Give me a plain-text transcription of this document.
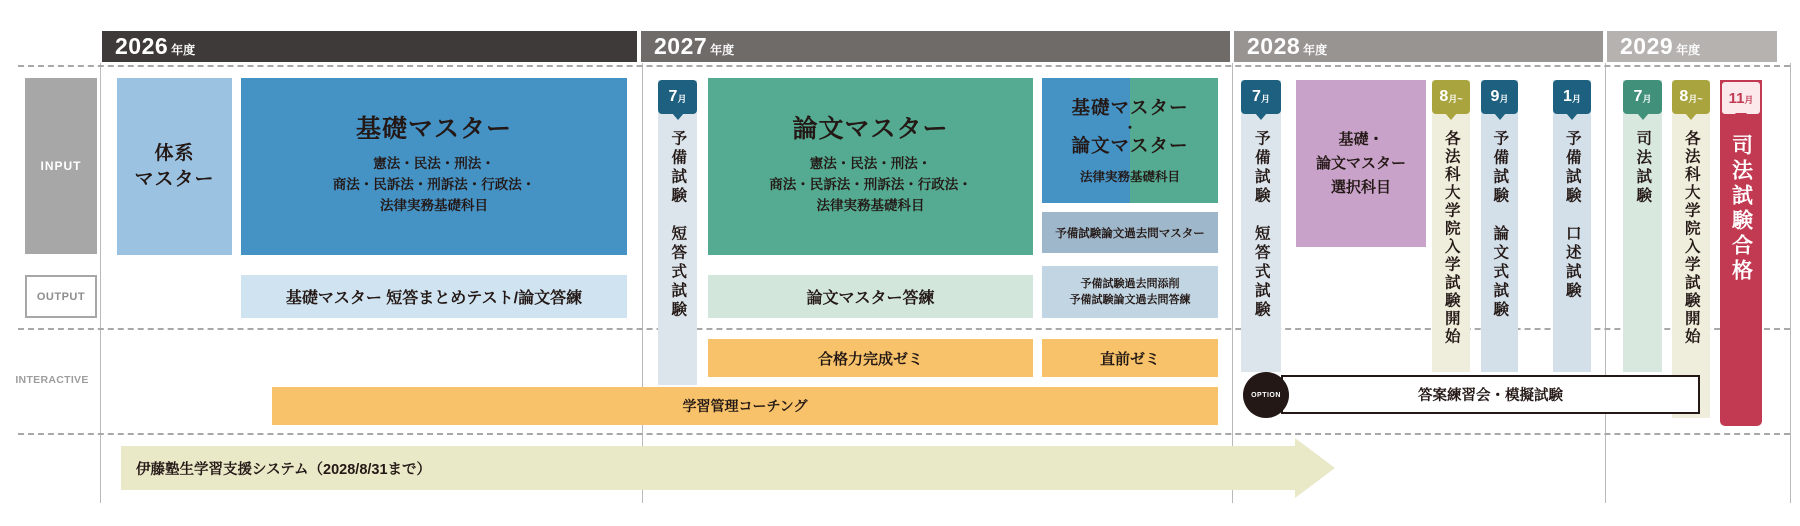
2026 年度	2027 年度	2028 年度	2029 年度
INPUT
OUTPUT
INTERACTIVE
体系
マスター
基礎マスター
憲法・民法・刑法・
商法・民訴法・刑訴法・行政法・
法律実務基礎科目
基礎マスター 短答まとめテスト/論文答練
7 月
予備試験　短答式試験
論文マスター
憲法・民法・刑法・
商法・民訴法・刑訴法・行政法・
法律実務基礎科目
基礎マスター
・
論文マスター
法律実務基礎科目
予備試験論文過去問マスター
論文マスター答練
予備試験過去問添削
予備試験論文過去問答練
合格力完成ゼミ	直前ゼミ
学習管理コーチング
7 月
予備試験　短答式試験	基礎・
論文マスター
選択科目
8 月~
各法科大学院入学試験開始
9 月
予備試験　論文式試験
1 月
予備試験　口述試験
答案練習会・模擬試験
OPTION
7 月
司法試験
8 月~
各法科大学院入学試験開始
11 月
司法試験合格
伊藤塾生学習支援システム（2028/8/31まで）
